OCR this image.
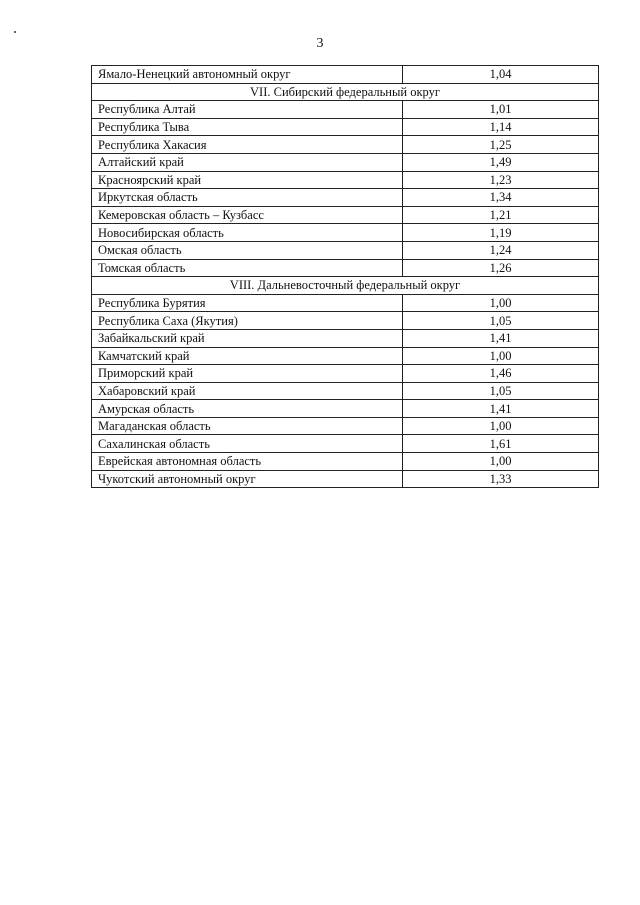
3
Ямало-Ненецкий автономный округ	1,04
VII. Сибирский федеральный округ	
Республика Алтай	1,01
Республика Тыва	1,14
Республика Хакасия	1,25
Алтайский край	1,49
Красноярский край	1,23
Иркутская область	1,34
Кемеровская область – Кузбасс	1,21
Новосибирская область	1,19
Омская область	1,24
Томская область	1,26
VIII. Дальневосточный федеральный округ	
Республика Бурятия	1,00
Республика Саха (Якутия)	1,05
Забайкальский край	1,41
Камчатский край	1,00
Приморский край	1,46
Хабаровский край	1,05
Амурская область	1,41
Магаданская область	1,00
Сахалинская область	1,61
Еврейская автономная область	1,00
Чукотский автономный округ	1,33
